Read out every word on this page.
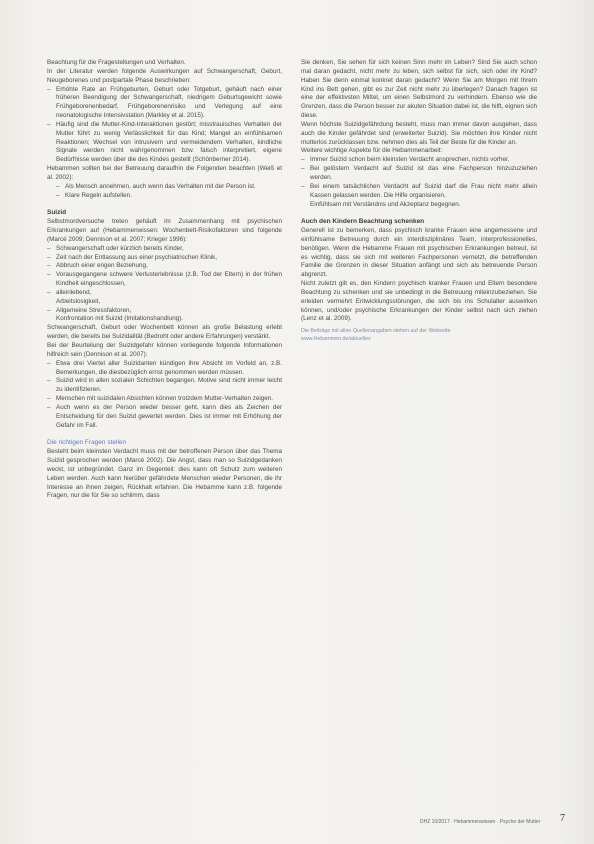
Beachtung für die Fragestellungen und Verhalten.

In der Literatur werden folgende Auswirkungen auf Schwangerschaft, Geburt, Neugeborenes und postpartale Phase beschrieben:

– Erhöhte Rate an Frühgeburten, Geburt oder Totgeburt, gehäuft nach einer früheren Beendigung der Schwangerschaft, niedrigem Geburtsgewicht sowie Frühgeborenenbedarf, Frühgeborenenrisiko und Verlegung auf eine neonatologische Intensivstation (Markley et al. 2015).
– Häufig sind die Mutter-Kind-Interaktionen gestört; misstrauisches Verhalten der Mutter führt zu wenig Verlässlichkeit für das Kind; Mangel an einfühlsamen Reaktionen; Wechsel von intrusivem und vermeidendem Verhalten, kindliche Signale werden nicht wahrgenommen bzw. falsch interpretiert, eigene Bedürfnisse werden über die des Kindes gestellt (Schönberner 2014).

Hebammen sollten bei der Betreuung daraufhin die Folgenden beachten (Weiß et al. 2002):

– Als Mensch annehmen, auch wenn das Verhalten mit der Person ist.
– Klare Regeln aufstellen.
Suizid

Selbstmordversuche treten gehäuft im Zusammenhang mit psychischen Erkrankungen auf (Hebammenwissen: Wochenbett-Risikofaktoren sind folgende (Marcé 2009; Dennison et al. 2007; Krieger 1996):

– Schwangerschaft oder kürzlich bereits Kinder,
– Zeit nach der Entlassung aus einer psychiatrischen Klinik,
– Abbruch einer engen Beziehung,
– Vorausgegangene schwere Verlusterlebnisse (z.B. Tod der Eltern) in der frühen Kindheit eingeschlossen,
– alleinlebend,
Arbeitslosigkeit,
– Allgemeine Stressfaktoren,
Konfrontation mit Suizid (Imitationshandlung).

Schwangerschaft, Geburt oder Wochenbett können als große Belastung erlebt werden, die bereits bei Suizidalität (Bedroht oder andere Erfahrungen) verstärkt.

Bei der Beurteilung der Suizidgefahr können vorliegende folgende Informationen hilfreich sein (Dennison et al. 2007):

– Etwa drei Viertel aller Suizidanten kündigen ihre Absicht im Vorfeld an, z.B. Bemerkungen, die diesbezüglich ernst genommen werden müssen.
– Suizid wird in allen sozialen Schichten begangen. Motive sind nicht immer leicht zu identifizieren.
– Menschen mit suizidalen Absichten können trotzdem Mutter-Verhalten zeigen.
– Auch wenn es der Person wieder besser geht, kann dies als Zeichen der Entscheidung für den Suizid gewertet werden. Dies ist immer mit Erhöhung der Gefahr im Fall.
Die richtigen Fragen stellen

Besteht beim kleinsten Verdacht muss mit der betroffenen Person über das Thema Suizid gesprochen werden (Marcé 2002). Die Angst, dass man so Suizidgedanken weckt, ist unbegründet. Ganz im Gegenteil: dies kann oft Schutz zum weiteren Leben werden. Auch kann hierüber gefährdete Menschen wieder Personen, die ihr Interesse an ihnen zeigen, Rückhalt erfahren. Die Hebamme kann z.B. folgende Fragen, nur die für Sie so schlimm, dass

Sie denken, Sie sehen für sich keinen Sinn mehr im Leben? Sind Sie auch schon mal daran gedacht, nicht mehr zu leben, sich selbst für sich, sich oder ihr Kind? Haben Sie denn einmal konkret daran gedacht? Wenn Sie am Morgen mit Ihrem Kind ins Bett gehen, gibt es zur Zeit nicht mehr zu überlegen? Danach fragen ist eine der effektivsten Mittel, um einen Selbstmord zu verhindern. Ebenso wie die Grenzen, dass die Person besser zur akuten Situation dabei ist, die hilft, eignen sich diese.

Wenn höchste Suizidgefährdung besteht, muss man immer davon ausgehen, dass auch die Kinder gefährdet sind (erweiterter Suizid). Sie möchten ihre Kinder nicht mutterlos zurücklassen bzw. nehmen dies als Teil der Beste für die Kinder an.

Weitere wichtige Aspekte für die Hebammenarbeit:

– Immer Suizid schon beim kleinsten Verdacht ansprechen, nichts vorher.
– Bei gelöstem Verdacht auf Suizid ist das eine Fachperson hinzuzuziehen werden.
– Bei einem tatsächlichen Verdacht auf Suizid darf die Frau nicht mehr allein Kassen gelassen werden. Die Hilfe organisieren.
Einfühlsam mit Verständnis und Akzeptanz begegnen.
Auch den Kindern Beachtung schenken

Generell ist zu bemerken, dass psychisch kranke Frauen eine angemessene und einfühlsame Betreuung durch ein interdisziplinäres Team, interprofessionelles, benötigen. Wenn die Hebamme Frauen mit psychischen Erkrankungen betreut, ist es wichtig, dass sie sich mit weiteren Fachpersonen vernetzt, die betreffenden Familie die Grenzen in dieser Situation anfängt und sich als betreuende Person abgrenzt.

Nicht zuletzt gilt es, den Kindern psychisch kranker Frauen und Eltern besondere Beachtung zu schenken und sie unbedingt in die Betreuung miteinzubeziehen. Sie erleiden vermehrt Entwicklungsstörungen, die sich bis ins Schulalter auswirken können, und/oder psychische Erkrankungen der Kinder selbst nach sich ziehen (Lenz et al. 2009).

Die Beiträge mit allen Quellenangaben stehen auf der Webseite

www.Hebammen.de/aktuelles

DHZ 10/2017 · Hebammenwissen · Psyche der Mutter 7
